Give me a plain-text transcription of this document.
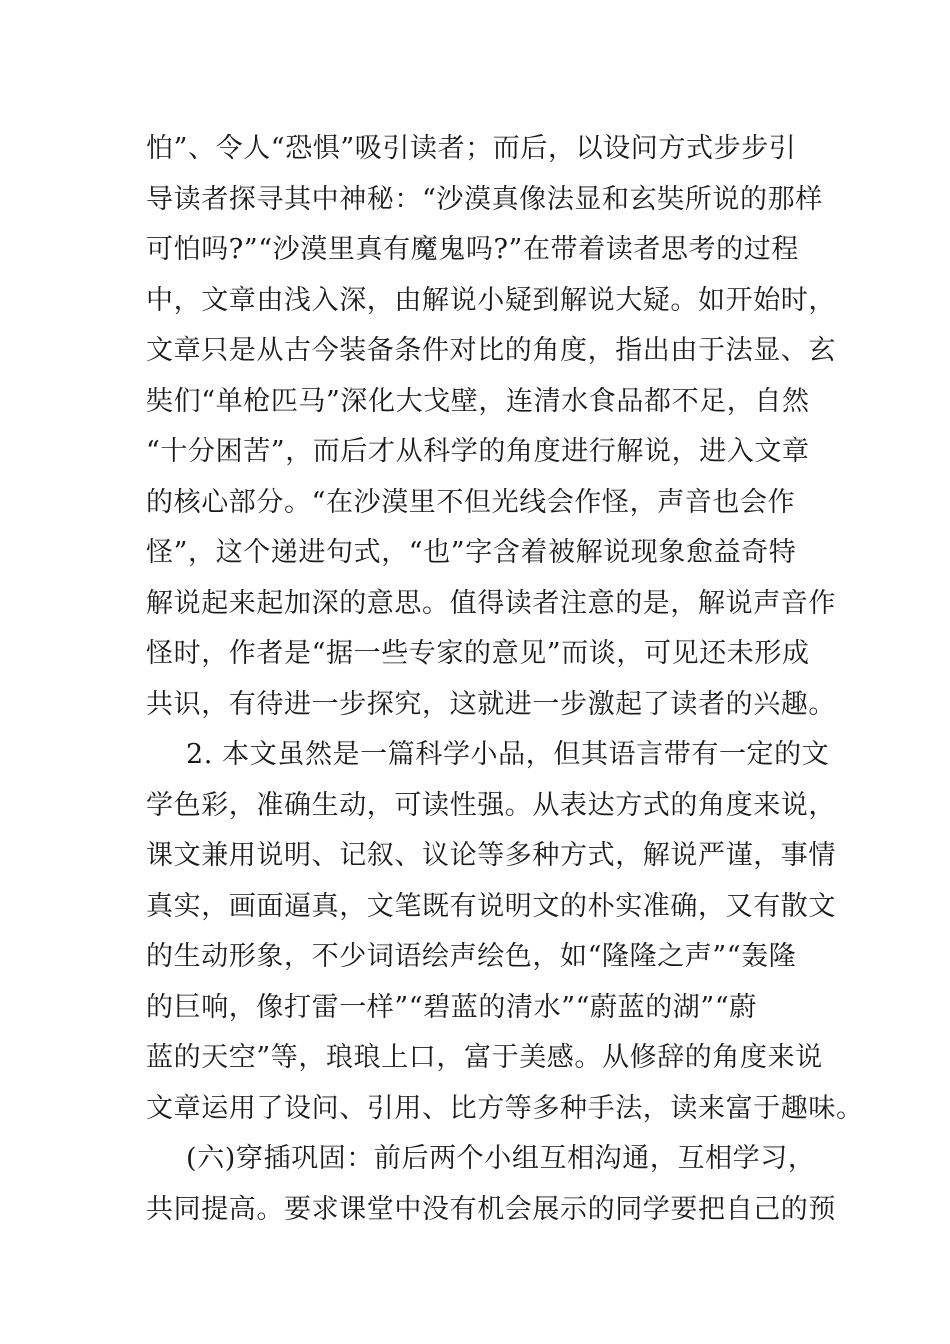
怕”、令人“恐惧”吸引读者；而后，以设问方式步步引
导读者探寻其中神秘：“沙漠真像法显和玄奘所说的那样
可怕吗?”“沙漠里真有魔鬼吗?”在带着读者思考的过程
中，文章由浅入深，由解说小疑到解说大疑。如开始时，
文章只是从古今装备条件对比的角度，指出由于法显、玄
奘们“单枪匹马”深化大戈壁，连清水食品都不足，自然
“十分困苦”，而后才从科学的角度进行解说，进入文章
的核心部分。“在沙漠里不但光线会作怪，声音也会作
怪”，这个递进句式，“也”字含着被解说现象愈益奇特
解说起来起加深的意思。值得读者注意的是，解说声音作
怪时，作者是“据一些专家的意见”而谈，可见还未形成
共识，有待进一步探究，这就进一步激起了读者的兴趣。
2. 本文虽然是一篇科学小品，但其语言带有一定的文
学色彩，准确生动，可读性强。从表达方式的角度来说，
课文兼用说明、记叙、议论等多种方式，解说严谨，事情
真实，画面逼真，文笔既有说明文的朴实准确，又有散文
的生动形象，不少词语绘声绘色，如“隆隆之声”“轰隆
的巨响，像打雷一样”“碧蓝的清水”“蔚蓝的湖”“蔚
蓝的天空”等，琅琅上口，富于美感。从修辞的角度来说
文章运用了设问、引用、比方等多种手法，读来富于趣味。
(六)穿插巩固：前后两个小组互相沟通，互相学习，
共同提高。要求课堂中没有机会展示的同学要把自己的预
